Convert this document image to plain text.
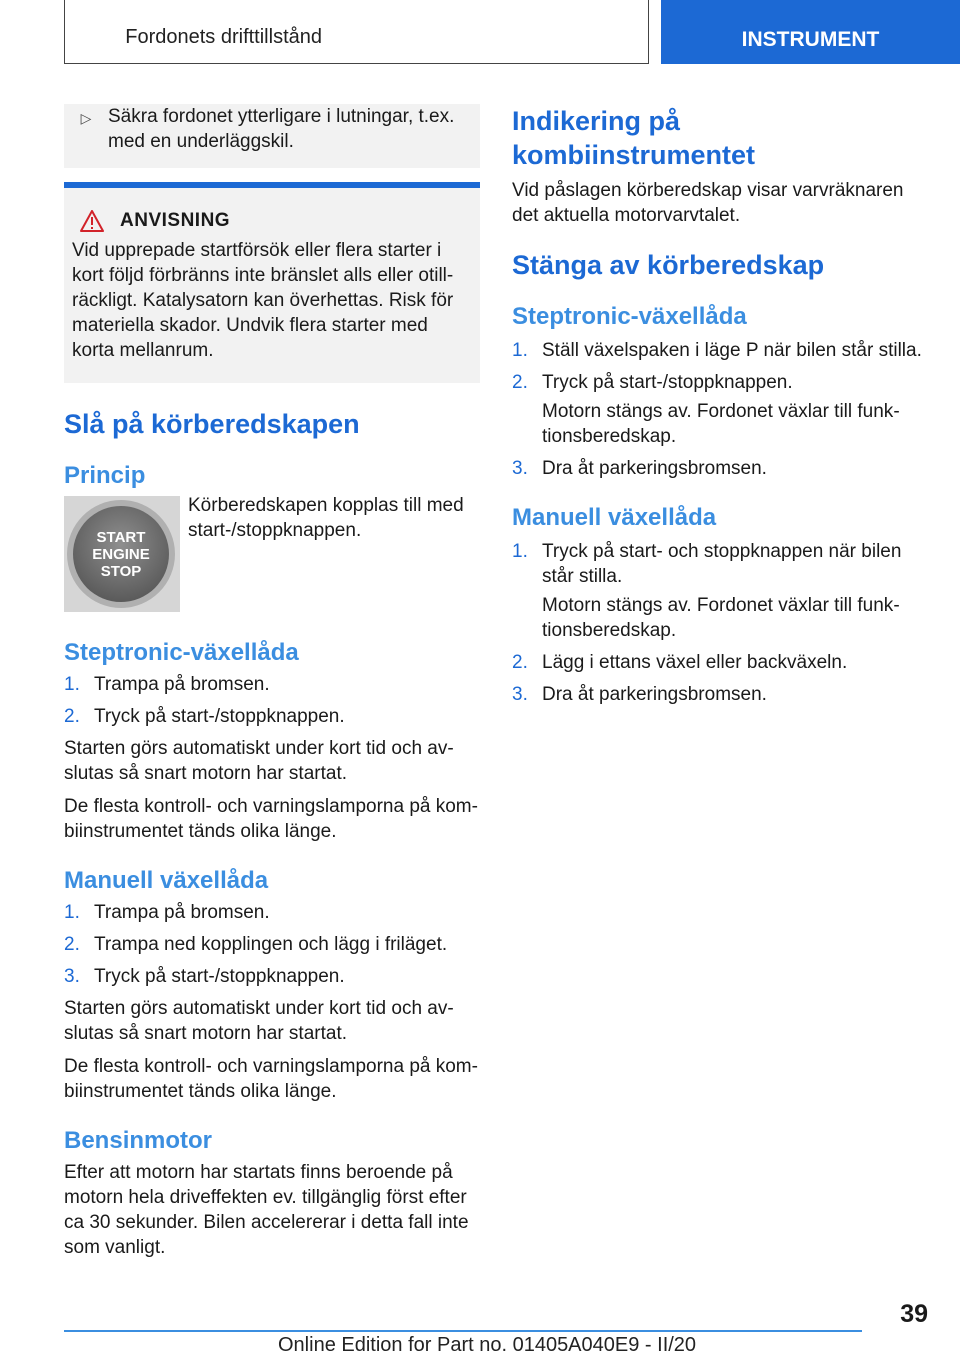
Fordonets drifttillstånd	INSTRUMENT
▷ Säkra fordonet ytterligare i lutningar, t.ex. med en underläggskil.

ANVISNING

Vid upprepade startförsök eller flera starter i kort följd förbränns inte bränslet alls eller otillräckligt. Katalysatorn kan överhettas. Risk för materiella skador. Undvik flera starter med korta mellanrum.

Slå på körberedskapen
Princip
START
ENGINE
STOP

Körberedskapen kopplas till med start-/stoppknappen.

Steptronic-växellåda
1. Trampa på bromsen.
2. Tryck på start-/stoppknappen.

Starten görs automatiskt under kort tid och avslutas så snart motorn har startat.

De flesta kontroll- och varningslamporna på kombiinstrumentet tänds olika länge.

Manuell växellåda
1. Trampa på bromsen.
2. Trampa ned kopplingen och lägg i friläget.
3. Tryck på start-/stoppknappen.

Starten görs automatiskt under kort tid och avslutas så snart motorn har startat.

De flesta kontroll- och varningslamporna på kombiinstrumentet tänds olika länge.

Bensinmotor

Efter att motorn har startats finns beroende på motorn hela driveffekten ev. tillgänglig först efter ca 30 sekunder. Bilen accelererar i detta fall inte som vanligt.

Indikering på kombiinstrumentet

Vid påslagen körberedskap visar varvräknaren det aktuella motorvarvtalet.

Stänga av körberedskap
Steptronic-växellåda
1. Ställ växelspaken i läge P när bilen står stilla.
2. Tryck på start-/stoppknappen.

Motorn stängs av. Fordonet växlar till funktionsberedskap.

3. Dra åt parkeringsbromsen.
Manuell växellåda
1. Tryck på start- och stoppknappen när bilen står stilla.

Motorn stängs av. Fordonet växlar till funktionsberedskap.

2. Lägg i ettans växel eller backväxeln.
3. Dra åt parkeringsbromsen.
39
Online Edition for Part no. 01405A040E9 - II/20
